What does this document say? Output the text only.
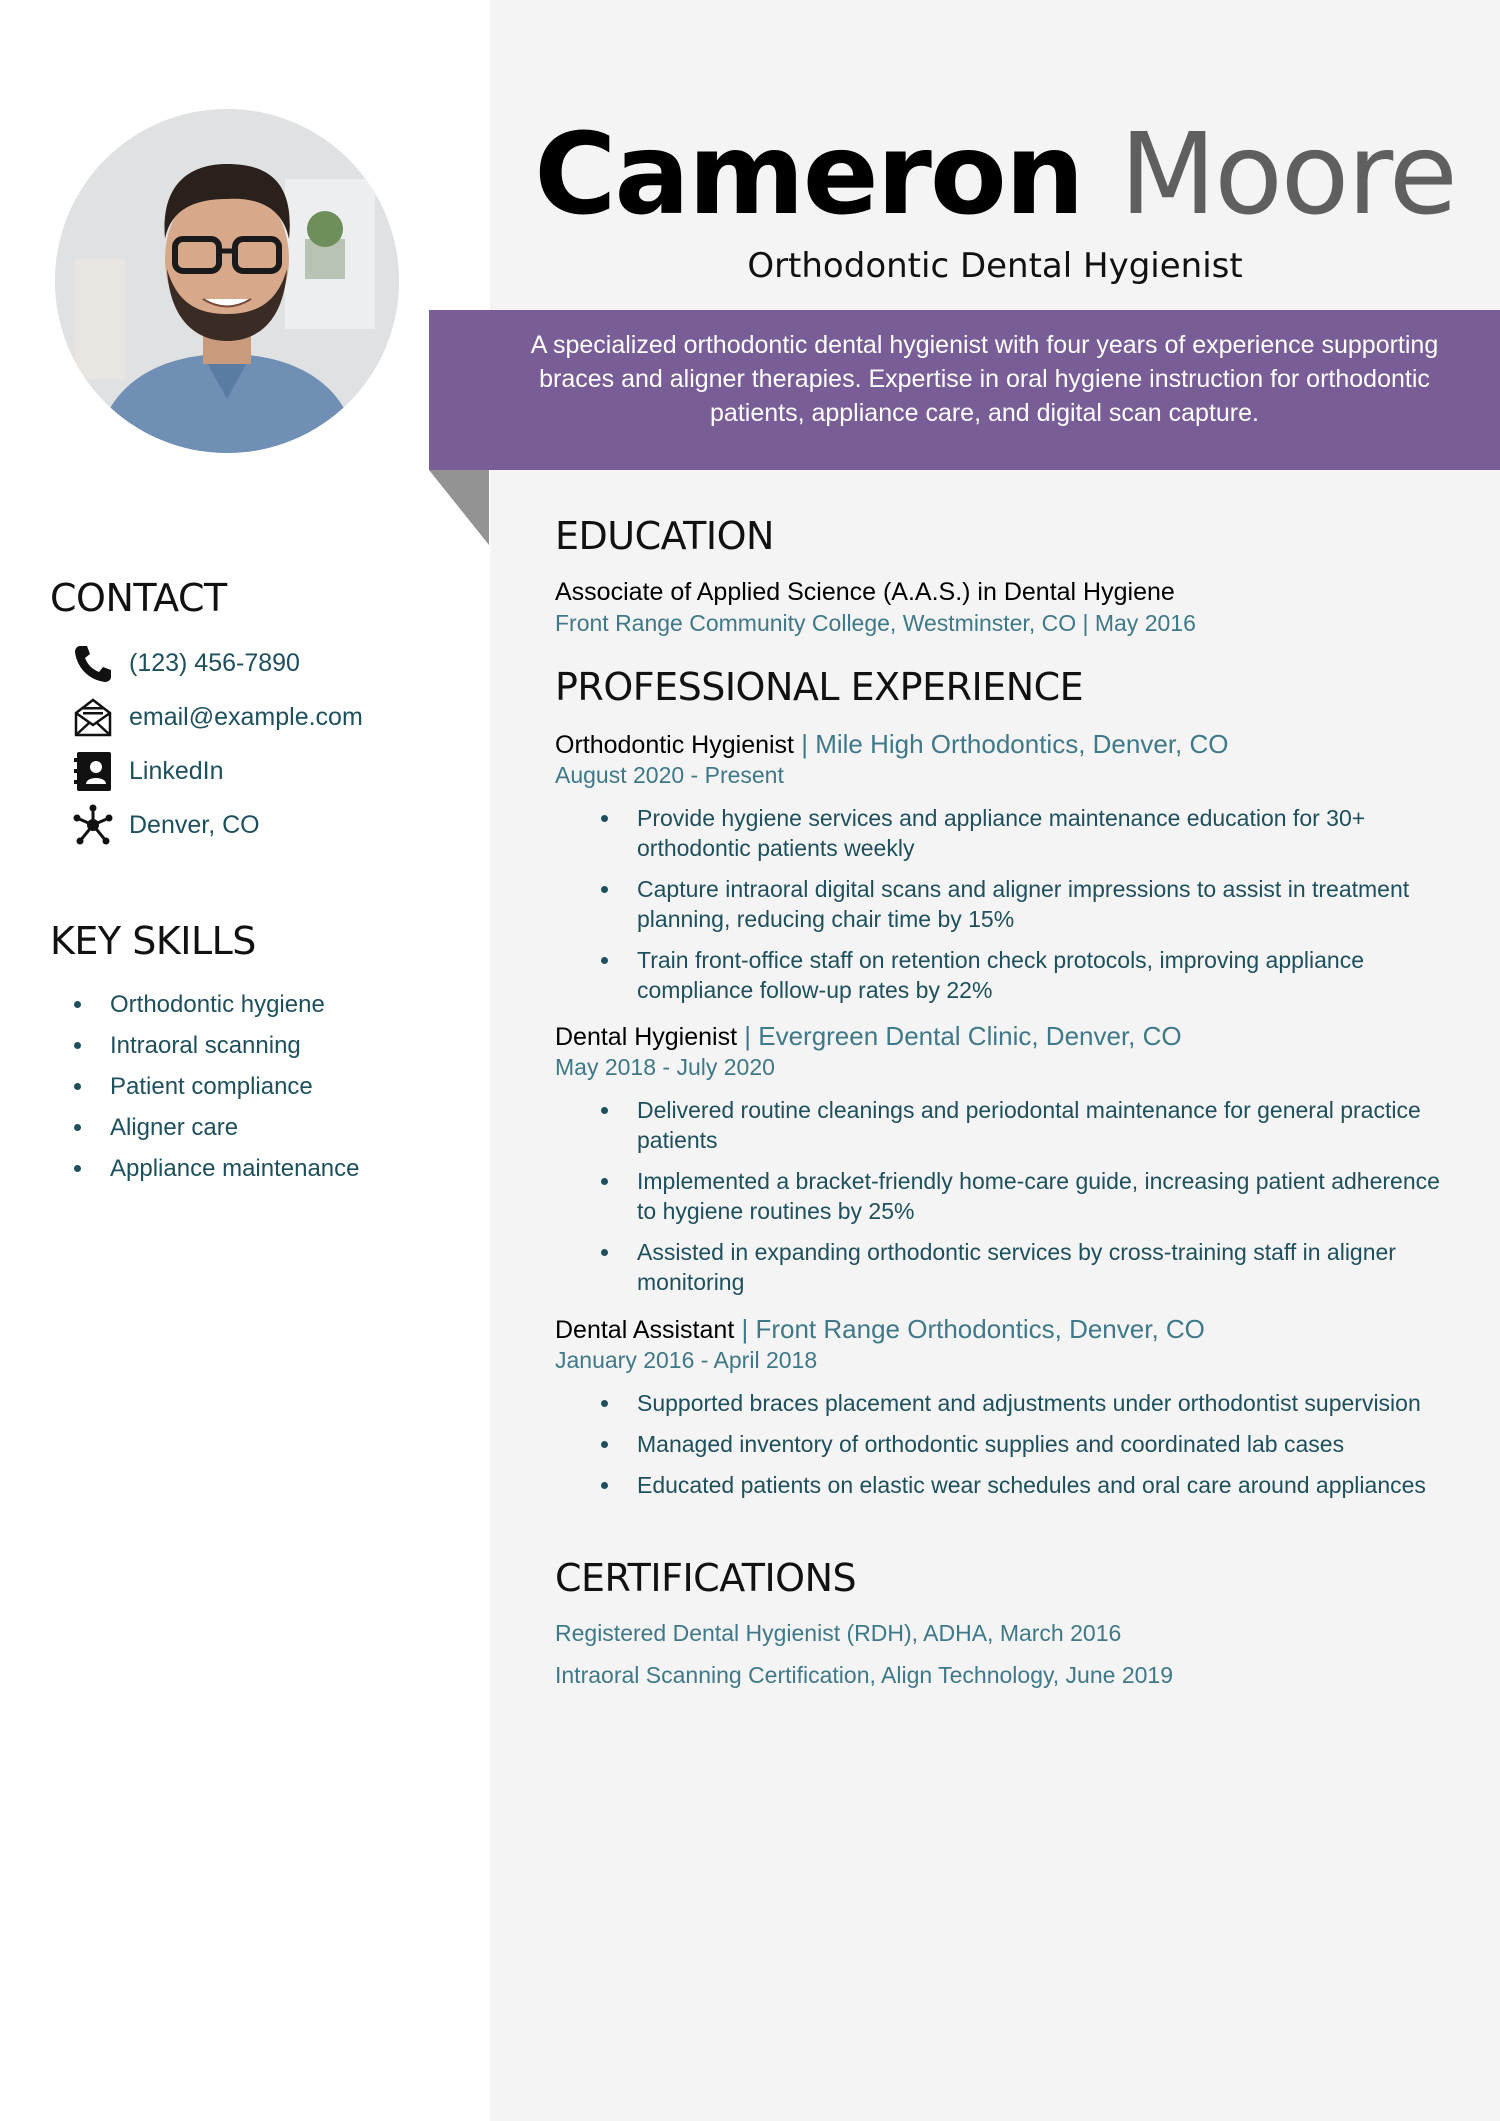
Cameron Moore
Orthodontic Dental Hygienist
A specialized orthodontic dental hygienist with four years of experience supporting braces and aligner therapies. Expertise in oral hygiene instruction for orthodontic patients, appliance care, and digital scan capture.
CONTACT
(123) 456-7890
email@example.com
LinkedIn
Denver, CO
KEY SKILLS
Orthodontic hygiene
Intraoral scanning
Patient compliance
Aligner care
Appliance maintenance
EDUCATION
Associate of Applied Science (A.A.S.) in Dental Hygiene
Front Range Community College, Westminster, CO | May 2016
PROFESSIONAL EXPERIENCE
Orthodontic Hygienist | Mile High Orthodontics, Denver, CO
August 2020 - Present
Provide hygiene services and appliance maintenance education for 30+ orthodontic patients weekly
Capture intraoral digital scans and aligner impressions to assist in treatment planning, reducing chair time by 15%
Train front-office staff on retention check protocols, improving appliance compliance follow-up rates by 22%
Dental Hygienist | Evergreen Dental Clinic, Denver, CO
May 2018 - July 2020
Delivered routine cleanings and periodontal maintenance for general practice patients
Implemented a bracket-friendly home-care guide, increasing patient adherence to hygiene routines by 25%
Assisted in expanding orthodontic services by cross-training staff in aligner monitoring
Dental Assistant | Front Range Orthodontics, Denver, CO
January 2016 - April 2018
Supported braces placement and adjustments under orthodontist supervision
Managed inventory of orthodontic supplies and coordinated lab cases
Educated patients on elastic wear schedules and oral care around appliances
CERTIFICATIONS
Registered Dental Hygienist (RDH), ADHA, March 2016
Intraoral Scanning Certification, Align Technology, June 2019
